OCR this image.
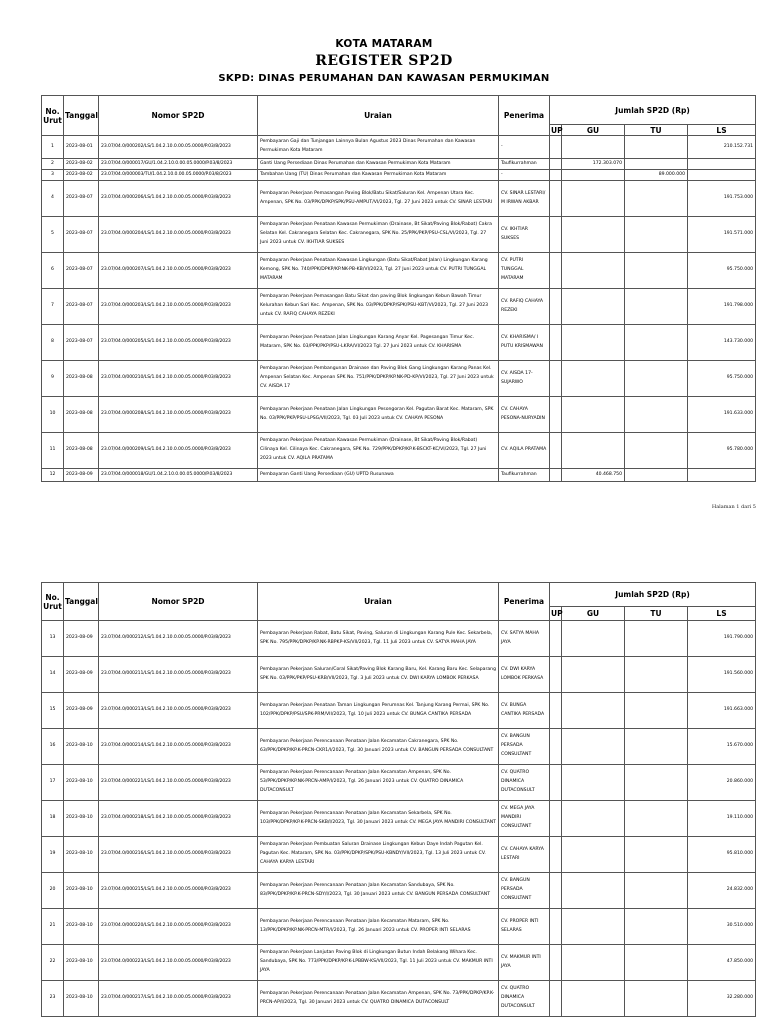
KOTA MATARAM
REGISTER SP2D
SKPD: DINAS PERUMAHAN DAN KAWASAN PERMUKIMAN
No. Urut	Tanggal	Nomor SP2D	Uraian	Penerima	Jumlah SP2D (Rp)			
					UP	GU	TU	LS
1	2023-08-01	23.07/04.0/000202/LS/1.04.2.10.0.00.05.0000/P.03/8/2023	Pembayaran Gaji dan Tunjangan Lainnya Bulan Agustus 2023 Dinas Perumahan dan Kawasan Permukiman Kota Mataram	-				210.152.731
2	2023-08-02	23.07/04.0/000017/GU/1.04.2.10.0.00.05.0000/P.03/8/2023	Ganti Uang Persediaan Dinas Perumahan dan Kawasan Permukiman Kota Mataram	Taufikurrahman		172.303.070		
3	2023-08-02	23.07/04.0/000003/TU/1.04.2.10.0.00.05.0000/P.03/8/2023	Tambahan Uang (TU) Dinas Perumahan dan Kawasan Permukiman Kota Mataram	-			89.000.000	
4	2023-08-07	23.07/04.0/000206/LS/1.04.2.10.0.00.05.0000/P.03/8/2023	Pembayaran Pekerjaan Pemasangan Paving Blok/Batu Sikat/Saluran Kel. Ampenan Utara Kec. Ampenan, SPK No. 03/PPK/DPKP/SPK/PSU-AMPUT/VI/2023, Tgl. 27 Juni 2023 untuk CV. SINAR LESTARI	CV. SINAR LESTARI/ M IRWAN AKBAR				191.753.000
5	2023-08-07	23.07/04.0/000204/LS/1.04.2.10.0.00.05.0000/P.03/8/2023	Pembayaran Pekerjaan Penataan Kawasan Permukiman (Drainase, Bt Sikat/Paving Blok/Rabat) Cakra Selatan Kel. Cakranegara Selatan Kec. Cakranegara, SPK No. 25/PPK/PKP/PSU-CSL/VI/2023, Tgl. 27 Juni 2023 untuk CV. IKHTIAR SUKSES	CV. IKHTIAR SUKSES				191.571.000
6	2023-08-07	23.07/04.0/000207/LS/1.04.2.10.0.00.05.0000/P.03/8/2023	Pembayaran Pekerjaan Penataan Kawasan Lingkungan (Batu Sikat/Rabat Jalan) Lingkungan Karang Kemong, SPK No. 740/PPK/DPKP/KP.NK-PB-KB/VI/2023, Tgl. 27 Juni 2023 untuk CV. PUTRI TUNGGAL MATARAM	CV. PUTRI TUNGGAL MATARAM				95.750.000
7	2023-08-07	23.07/04.0/000203/LS/1.04.2.10.0.00.05.0000/P.03/8/2023	Pembayaran Pekerjaan Pemasangan Batu Sikat dan paving Blok lingkungan Kebun Bawah Timur Kelurahan Kebun Sari Kec. Ampenan, SPK No. 03/PPK/DPKP/SPK/PSU-KBT/VI/2023, Tgl. 27 Juni 2023 untuk CV. RAFIQ CAHAYA REZEKI	CV. RAFIQ CAHAYA REZEKI				191.798.000
8	2023-08-07	23.07/04.0/000205/LS/1.04.2.10.0.00.05.0000/P.03/8/2023	Pembayaran Pekerjaan Penataan Jalan Lingkungan Karang Anyar Kel. Pagesangan Timur Kec. Mataram, SPK No. 03/PPK/PKP/PSU-LKRA/VI/2023 Tgl. 27 Juni 2023 untuk CV. KHARISMA	CV. KHARISMA/ I PUTU KRISMAWAN				143.730.000
9	2023-08-08	23.07/04.0/000210/LS/1.04.2.10.0.00.05.0000/P.03/8/2023	Pembayaran Pekerjaan Pembangunan Drainase dan Paving Blok Gang Lingkungan Karang Panas Kel. Ampenan Selatan Kec. Ampenan SPK No. 751/PPK/DPKP/KP.NK-PD-KP/VI/2023, Tgl. 27 Juni 2023 untuk CV. AISDA 17	CV. AISDA 17-SUJARWO				95.750.000
10	2023-08-08	23.07/04.0/000208/LS/1.04.2.10.0.00.05.0000/P.03/8/2023	Pembayaran Pekerjaan Penataan Jalan Lingkungan Pesongoran Kel. Pagutan Barat Kec. Mataram, SPK No. 03/PPK/PKP/PSU-LPSG/VII/2023, Tgl. 03 Juli 2023 untuk CV. CAHAYA PESONA	CV. CAHAYA PESONA-NURYADIN				191.633.000
11	2023-08-08	23.07/04.0/000209/LS/1.04.2.10.0.00.05.0000/P.03/8/2023	Pembayaran Pekerjaan Penataan Kawasan Permukiman (Drainase, Bt Sikat/Paving Blok/Rabat) Cilinaya Kel. Cilinaya Kec. Cakranegara, SPK No. 729/PPK/DPKP/KP.K-BSCKT-KC/VI/2023, Tgl. 27 Juni 2023 untuk CV. AQILA PRATAMA	CV. AQILA PRATAMA				95.780.000
12	2023-08-09	23.07/04.0/000018/GU/1.04.2.10.0.00.05.0000/P.03/8/2023	Pembayaran Ganti Uang Persediaan (GU) UPTD Rusunawa	Taufikurrahman		40.468.750		
Halaman 1 dari 5
No. Urut	Tanggal	Nomor SP2D	Uraian	Penerima	Jumlah SP2D (Rp)			
					UP	GU	TU	LS
13	2023-08-09	23.07/04.0/000212/LS/1.04.2.10.0.00.05.0000/P.03/8/2023	Pembayaran Pekerjaan Rabat, Batu Sikat, Paving, Saluran di Lingkungan Karang Pule Kec. Sekarbela, SPK No. 795/PPK/DPKP/KP.NK-RBPKP-KS/VII/2023, Tgl. 11 Juli 2023 untuk CV. SATYA MAHA JAYA	CV. SATYA MAHA JAYA				191.790.000
14	2023-08-09	23.07/04.0/000211/LS/1.04.2.10.0.00.05.0000/P.03/8/2023	Pembayaran Pekerjaan Saluran/Coral Sikat/Paving Blok Karang Baru, Kel. Karang Baru Kec. Selaparang SPK No. 03/PPK/PKP/PSU-KRB/VII/2023, Tgl. 3 Juli 2023 untuk CV. DWI KARYA LOMBOK PERKASA	CV. DWI KARYA LOMBOK PERKASA				191.560.000
15	2023-08-09	23.07/04.0/000213/LS/1.04.2.10.0.00.05.0000/P.03/8/2023	Pembayaran Pekerjaan Penataan Taman Lingkungan Perumnas Kel. Tanjung Karang Permai, SPK No. 102/PPK/DPKP/PSU/SPK-PRM/VII/2023, Tgl. 10 Juli 2023 untuk CV. BUNGA CANTIKA PERSADA	CV. BUNGA CANTIKA PERSADA				191.663.000
16	2023-08-10	23.07/04.0/000214/LS/1.04.2.10.0.00.05.0000/P.03/8/2023	Pembayaran Pekerjaan Perencanaan Penataan Jalan Kecamatan Cakranegara, SPK No. 63/PPK/DPKP/KP.K-PRCN-CKR1/I/2023, Tgl. 30 Januari 2023 untuk CV. BANGUN PERSADA CONSULTANT	CV. BANGUN PERSADA CONSULTANT				15.670.000
17	2023-08-10	23.07/04.0/000221/LS/1.04.2.10.0.00.05.0000/P.03/8/2023	Pembayaran Pekerjaan Perencanaan Penataan Jalan Kecamatan Ampenan, SPK No. 53/PPK/DPKP/KP.NK-PRCN-AMP/I/2023, Tgl. 26 Januari 2023 untuk CV. QUATRO DINAMICA DUTACONSULT	CV. QUATRO DINAMICA DUTACONSULT				20.860.000
18	2023-08-10	23.07/04.0/000218/LS/1.04.2.10.0.00.05.0000/P.03/8/2023	Pembayaran Pekerjaan Perencanaan Penataan Jalan Kecamatan Sekarbela, SPK No. 103/PPK/DPKP/KP.K-PRCN-SKB/I/2023, Tgl. 30 Januari 2023 untuk CV. MEGA JAYA MANDIRI CONSULTANT	CV. MEGA JAYA MANDIRI CONSULTANT				19.110.000
19	2023-08-10	23.07/04.0/000216/LS/1.04.2.10.0.00.05.0000/P.03/8/2023	Pembayaran Pekerjaan Pembuatan Saluran Drainase Lingkungan Kebun Daye Indah Pagutan Kel. Pagutan Kec. Mataram, SPK No. 03/PPK/DPKP/SPK/PSU-KBNDY/VII/2023, Tgl. 13 Juli 2023 untuk CV. CAHAYA KARYA LESTARI	CV. CAHAYA KARYA LESTARI				95.810.000
20	2023-08-10	23.07/04.0/000215/LS/1.04.2.10.0.00.05.0000/P.03/8/2023	Pembayaran Pekerjaan Perencanaan Penataan Jalan Kecamatan Sandubaya, SPK No. 83/PPK/DPKP/KP.K-PRCN-SDY/I/2023, Tgl. 30 Januari 2023 untuk CV. BANGUN PERSADA CONSULTANT	CV. BANGUN PERSADA CONSULTANT				24.832.000
21	2023-08-10	23.07/04.0/000220/LS/1.04.2.10.0.00.05.0000/P.03/8/2023	Pembayaran Pekerjaan Perencanaan Penataan Jalan Kecamatan Mataram, SPK No. 13/PPK/DPKP/KP.NK-PRCN-MTR/I/2023, Tgl. 26 Januari 2023 untuk CV. PROPER INTI SELARAS	CV. PROPER INTI SELARAS				30.510.000
22	2023-08-10	23.07/04.0/000223/LS/1.04.2.10.0.00.05.0000/P.03/8/2023	Pembayaran Pekerjaan Lanjutan Paving Blok di Lingkungan Butun Indah Belakang Wihara Kec. Sandubaya, SPK No. 773/PPK/DPKP/KP.K-LPBBW-KS/VII/2023, Tgl. 11 Juli 2023 untuk CV. MAKMUR INTI JAYA	CV. MAKMUR INTI JAYA				47.850.000
23	2023-08-10	23.07/04.0/000217/LS/1.04.2.10.0.00.05.0000/P.03/8/2023	Pembayaran Pekerjaan Perencanaan Penataan Jalan Kecamatan Ampenan, SPK No. 73/PPK/DPKP/KP.K-PRCN-AP/I/2023, Tgl. 30 Januari 2023 untuk CV. QUATRO DINAMICA DUTACONSULT	CV. QUATRO DINAMICA DUTACONSULT				32.280.000
